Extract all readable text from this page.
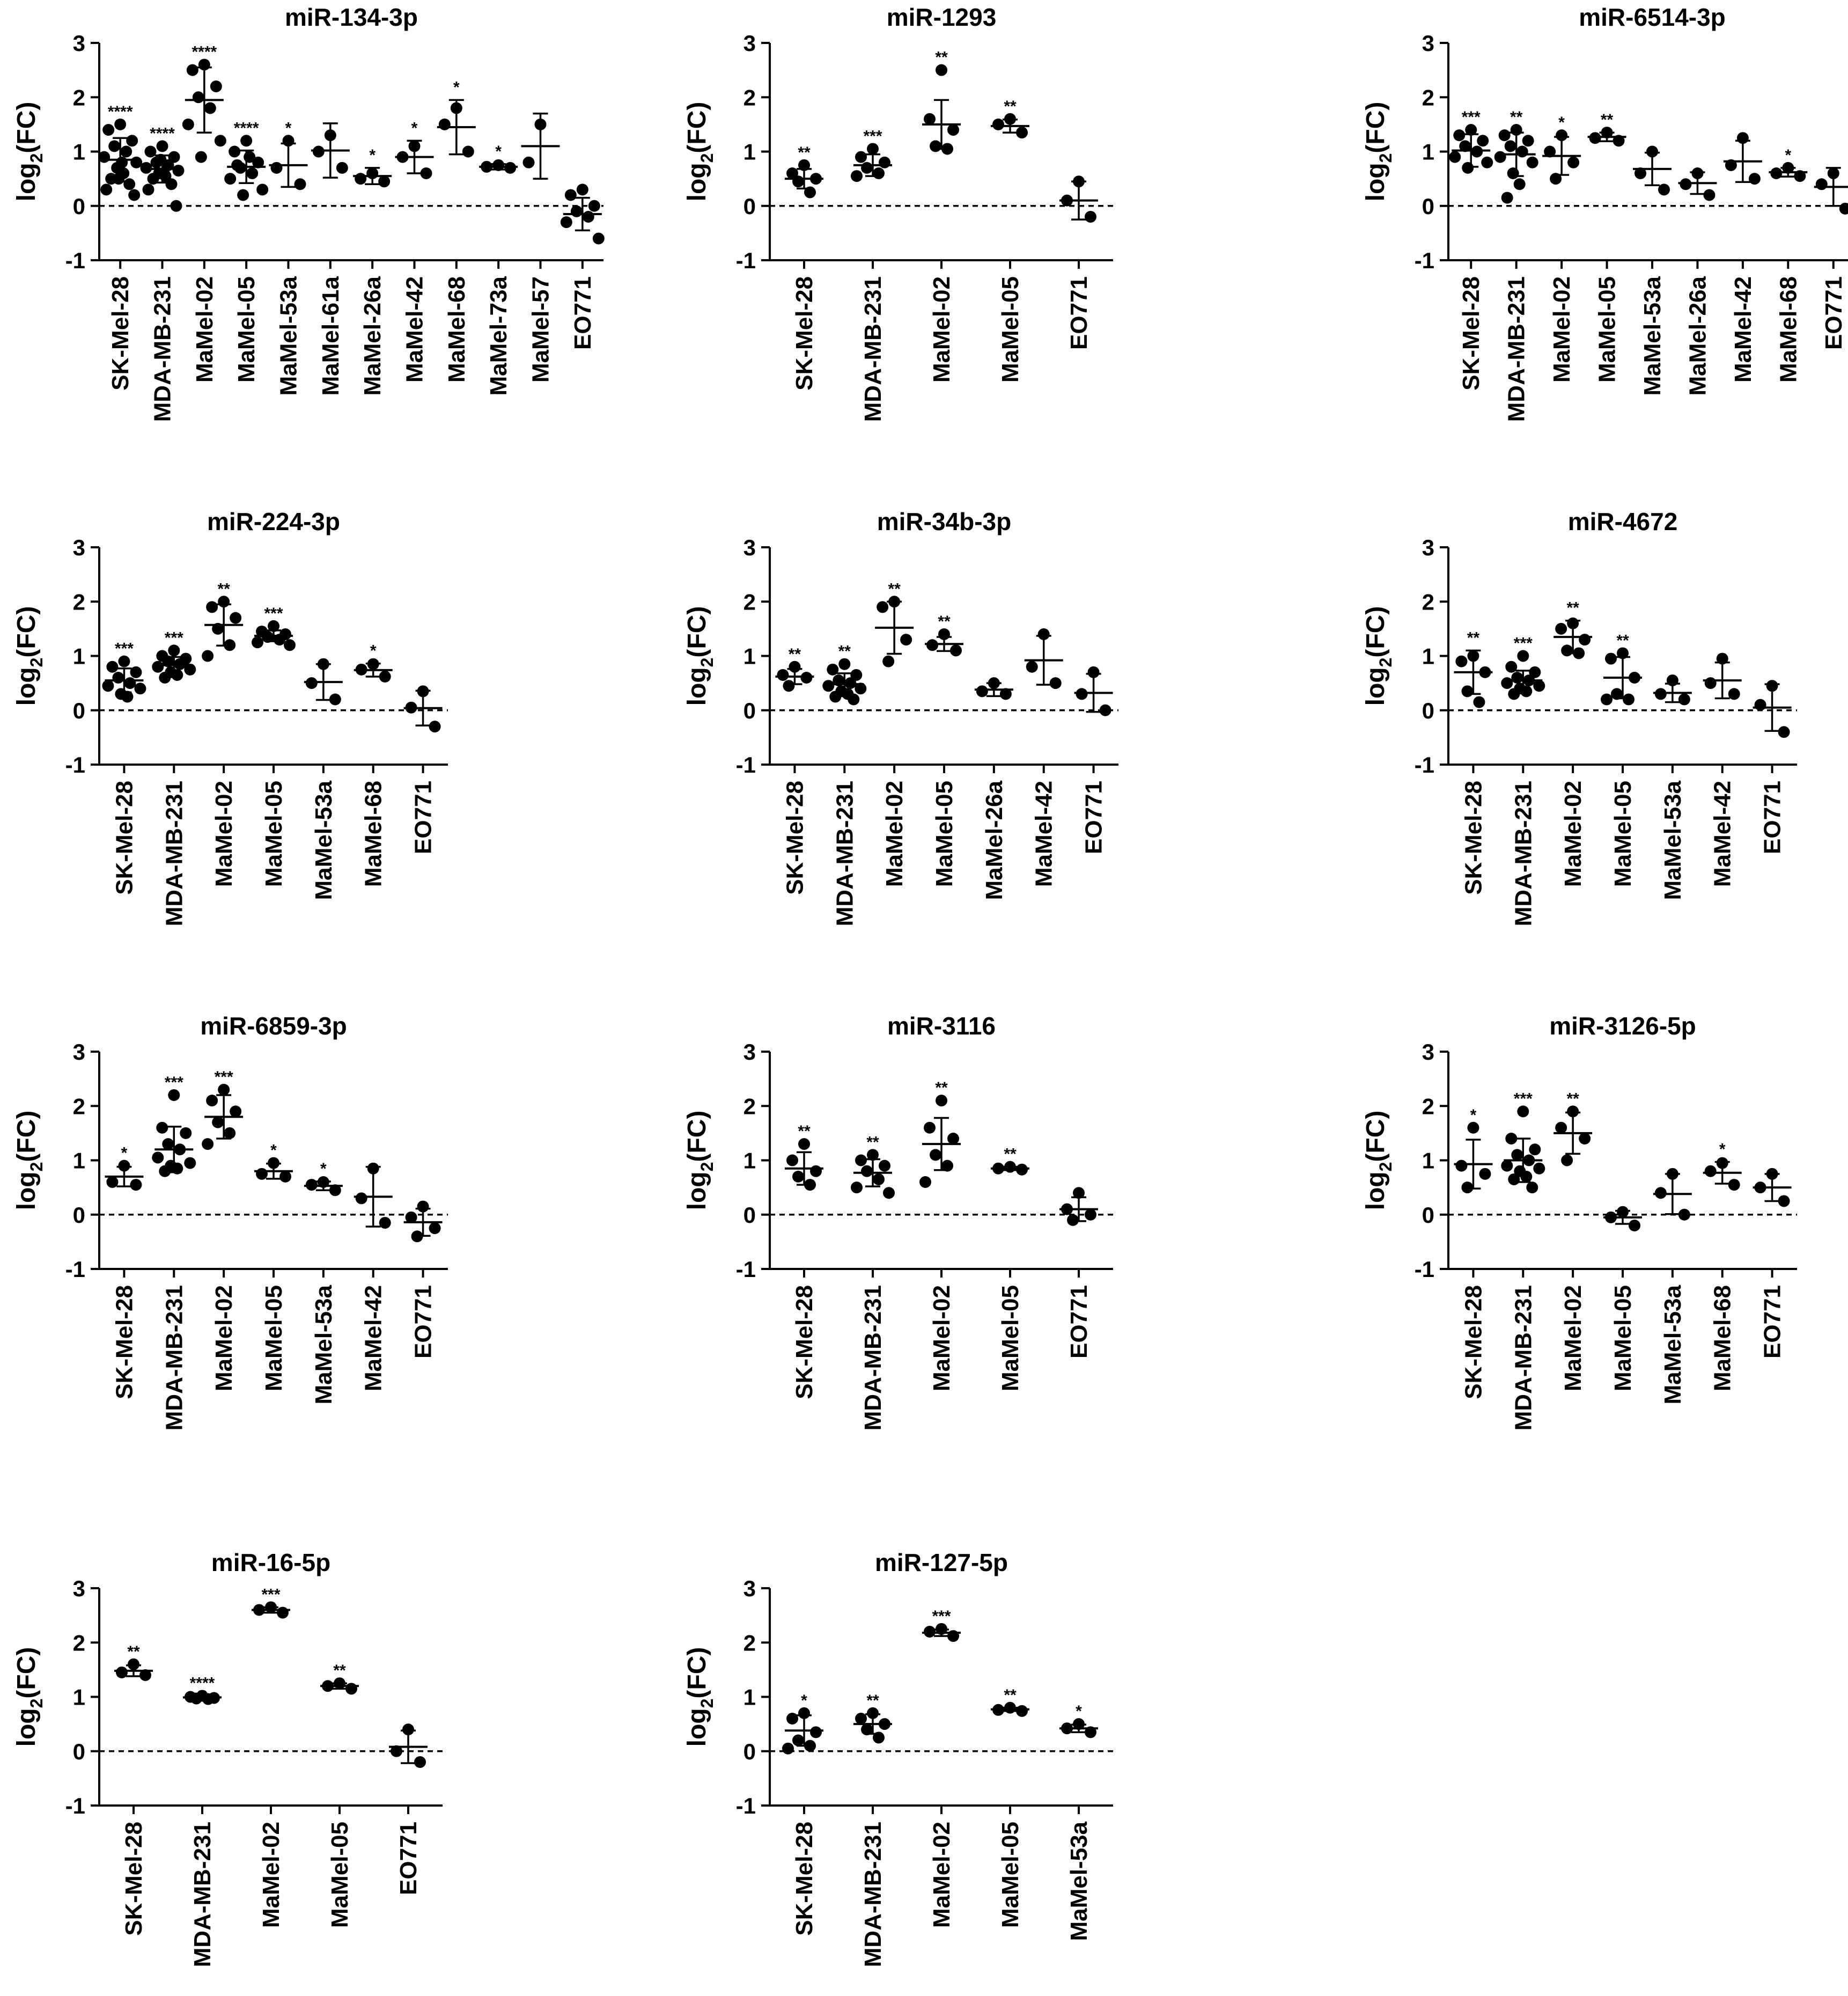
miR-134-3p
$\log_2(FC)$
-1
0
1
2
3
SK-Mel-28
****
MDA-MB-231
****
MaMel-02
****
MaMel-05
****
MaMel-53a
*
MaMel-61a MaMel-26a
*
MaMel-42
*
MaMel-68
*
MaMel-73a
*
MaMel-57 EO771
miR-1293
$\log_2(FC)$
-1
0
1
2
3
SK-Mel-28
**
MDA-MB-231
***
MaMel-02
**
MaMel-05
**
EO771
miR-6514-3p
$\log_2(FC)$
-1
0
1
2
3
SK-Mel-28
***
MDA-MB-231
**
MaMel-02
*
MaMel-05
**
MaMel-53a MaMel-26a MaMel-42 MaMel-68
*
EO771
miR-224-3p
$\log_2(FC)$
-1
0
1
2
3
SK-Mel-28
***
MDA-MB-231
***
MaMel-02
**
MaMel-05
***
MaMel-53a MaMel-68
*
EO771
miR-34b-3p
$\log_2(FC)$
-1
0
1
2
3
SK-Mel-28
**
MDA-MB-231
**
MaMel-02
**
MaMel-05
**
MaMel-26a MaMel-42 EO771
miR-4672
$\log_2(FC)$
-1
0
1
2
3
SK-Mel-28
**
MDA-MB-231
***
MaMel-02
**
MaMel-05
**
MaMel-53a MaMel-42 EO771
miR-6859-3p
$\log_2(FC)$
-1
0
1
2
3
SK-Mel-28
*
MDA-MB-231
***
MaMel-02
***
MaMel-05
*
MaMel-53a
*
MaMel-42 EO771
miR-3116
$\log_2(FC)$
-1
0
1
2
3
SK-Mel-28
**
MDA-MB-231
**
MaMel-02
**
MaMel-05
**
EO771
miR-3126-5p
$\log_2(FC)$
-1
0
1
2
3
SK-Mel-28
*
MDA-MB-231
***
MaMel-02
**
MaMel-05 MaMel-53a MaMel-68
*
EO771
miR-16-5p
$\log_2(FC)$
-1
0
1
2
3
SK-Mel-28
**
MDA-MB-231
****
MaMel-02
***
MaMel-05
**
EO771
miR-127-5p
$\log_2(FC)$
-1
0
1
2
3
SK-Mel-28
*
MDA-MB-231
**
MaMel-02
***
MaMel-05
**
MaMel-53a
*
